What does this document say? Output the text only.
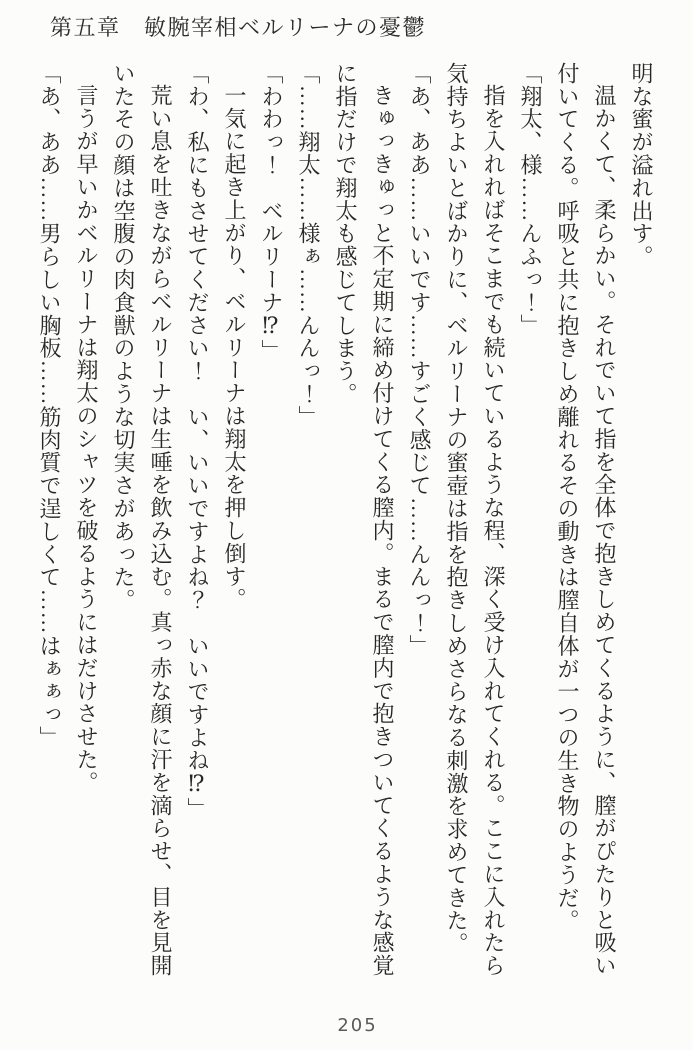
第五章　敏腕宰相ベルリーナの憂鬱
明な蜜が溢れ出す。
温かくて、柔らかい。それでいて指を全体で抱きしめてくるように、膣がぴたりと吸い
付いてくる。呼吸と共に抱きしめ離れるその動きは膣自体が一つの生き物のようだ。
「翔太、様……んふっ！」
指を入れればそこまでも続いているような程、深く受け入れてくれる。ここに入れたら
気持ちよいとばかりに、ベルリーナの蜜壺は指を抱きしめさらなる刺激を求めてきた。
「あ、ああ……いいです……すごく感じて……んんっ！」
きゅっきゅっと不定期に締め付けてくる膣内。まるで膣内で抱きついてくるような感覚
に指だけで翔太も感じてしまう。
「……翔太……様ぁ……んんっ！」
「わわっ！　ベルリーナ⁉」
一気に起き上がり、ベルリーナは翔太を押し倒す。
「わ、私にもさせてください！　い、いいですよね？　いいですよね⁉」
荒い息を吐きながらベルリーナは生唾を飲み込む。真っ赤な顔に汗を滴らせ、目を見開
いたその顔は空腹の肉食獣のような切実さがあった。
言うが早いかベルリーナは翔太のシャツを破るようにはだけさせた。
「あ、ああ……男らしい胸板……筋肉質で逞しくて……はぁぁっ」
205
